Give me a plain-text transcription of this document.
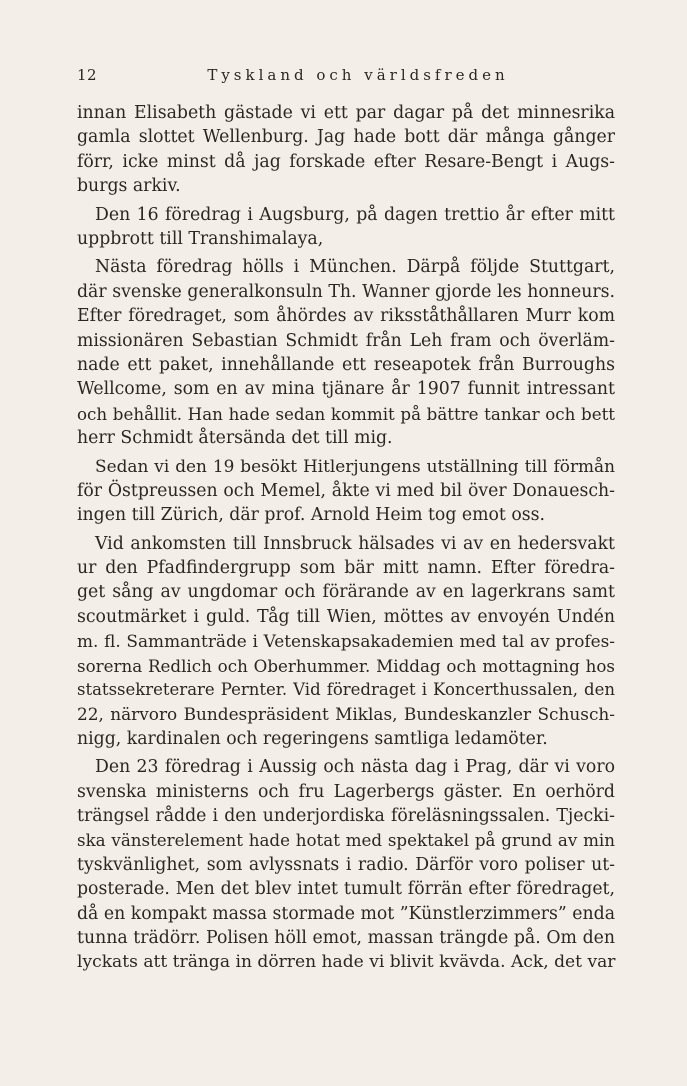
12	Tyskland och världsfreden
innan Elisabeth gästade vi ett par dagar på det minnesrika
gamla slottet Wellenburg. Jag hade bott där många gånger
förr, icke minst då jag forskade efter Resare-Bengt i Augs-
burgs arkiv.
Den 16 föredrag i Augsburg, på dagen trettio år efter mitt
uppbrott till Transhimalaya,
Nästa föredrag hölls i München. Därpå följde Stuttgart,
där svenske generalkonsuln Th. Wanner gjorde les honneurs.
Efter föredraget, som åhördes av riksståthållaren Murr kom
missionären Sebastian Schmidt från Leh fram och överläm-
nade ett paket, innehållande ett reseapotek från Burroughs
Wellcome, som en av mina tjänare år 1907 funnit intressant
och behållit. Han hade sedan kommit på bättre tankar och bett
herr Schmidt återsända det till mig.
Sedan vi den 19 besökt Hitlerjungens utställning till förmån
för Östpreussen och Memel, åkte vi med bil över Donauesch-
ingen till Zürich, där prof. Arnold Heim tog emot oss.
Vid ankomsten till Innsbruck hälsades vi av en hedersvakt
ur den Pfadfindergrupp som bär mitt namn. Efter föredra-
get sång av ungdomar och förärande av en lagerkrans samt
scoutmärket i guld. Tåg till Wien, möttes av envoyén Undén
m. fl. Sammanträde i Vetenskapsakademien med tal av profes-
sorerna Redlich och Oberhummer. Middag och mottagning hos
statssekreterare Pernter. Vid föredraget i Koncerthussalen, den
22, närvoro Bundespräsident Miklas, Bundeskanzler Schusch-
nigg, kardinalen och regeringens samtliga ledamöter.
Den 23 föredrag i Aussig och nästa dag i Prag, där vi voro
svenska ministerns och fru Lagerbergs gäster. En oerhörd
trängsel rådde i den underjordiska föreläsningssalen. Tjecki-
ska vänsterelement hade hotat med spektakel på grund av min
tyskvänlighet, som avlyssnats i radio. Därför voro poliser ut-
posterade. Men det blev intet tumult förrän efter föredraget,
då en kompakt massa stormade mot ”Künstlerzimmers” enda
tunna trädörr. Polisen höll emot, massan trängde på. Om den
lyckats att tränga in dörren hade vi blivit kvävda. Ack, det var
